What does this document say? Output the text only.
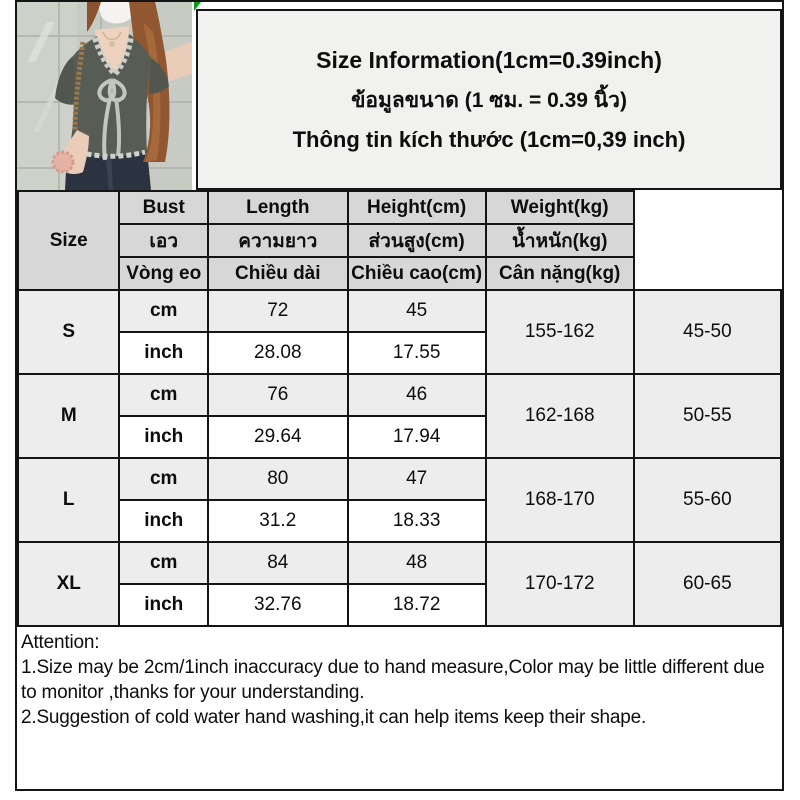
Size Information(1cm=0.39inch)
ข้อมูลขนาด (1 ซม. = 0.39 นิ้ว)
Thông tin kích thước (1cm=0,39 inch)
Size	Bust	Length	Height(cm)	Weight(kg)	
	เอว	ความยาว	ส่วนสูง(cm)	น้ำหนัก(kg)	
	Vòng eo	Chiều dài	Chiều cao(cm)	Cân nặng(kg)	
S	cm	72	45	155-162	45-50
	inch	28.08	17.55		
M	cm	76	46	162-168	50-55
	inch	29.64	17.94		
L	cm	80	47	168-170	55-60
	inch	31.2	18.33		
XL	cm	84	48	170-172	60-65
	inch	32.76	18.72		
Attention:
1.Size may be 2cm/1inch inaccuracy due to hand measure,Color may be little different due to monitor ,thanks for your understanding.
2.Suggestion of cold water hand washing,it can help items keep their shape.
